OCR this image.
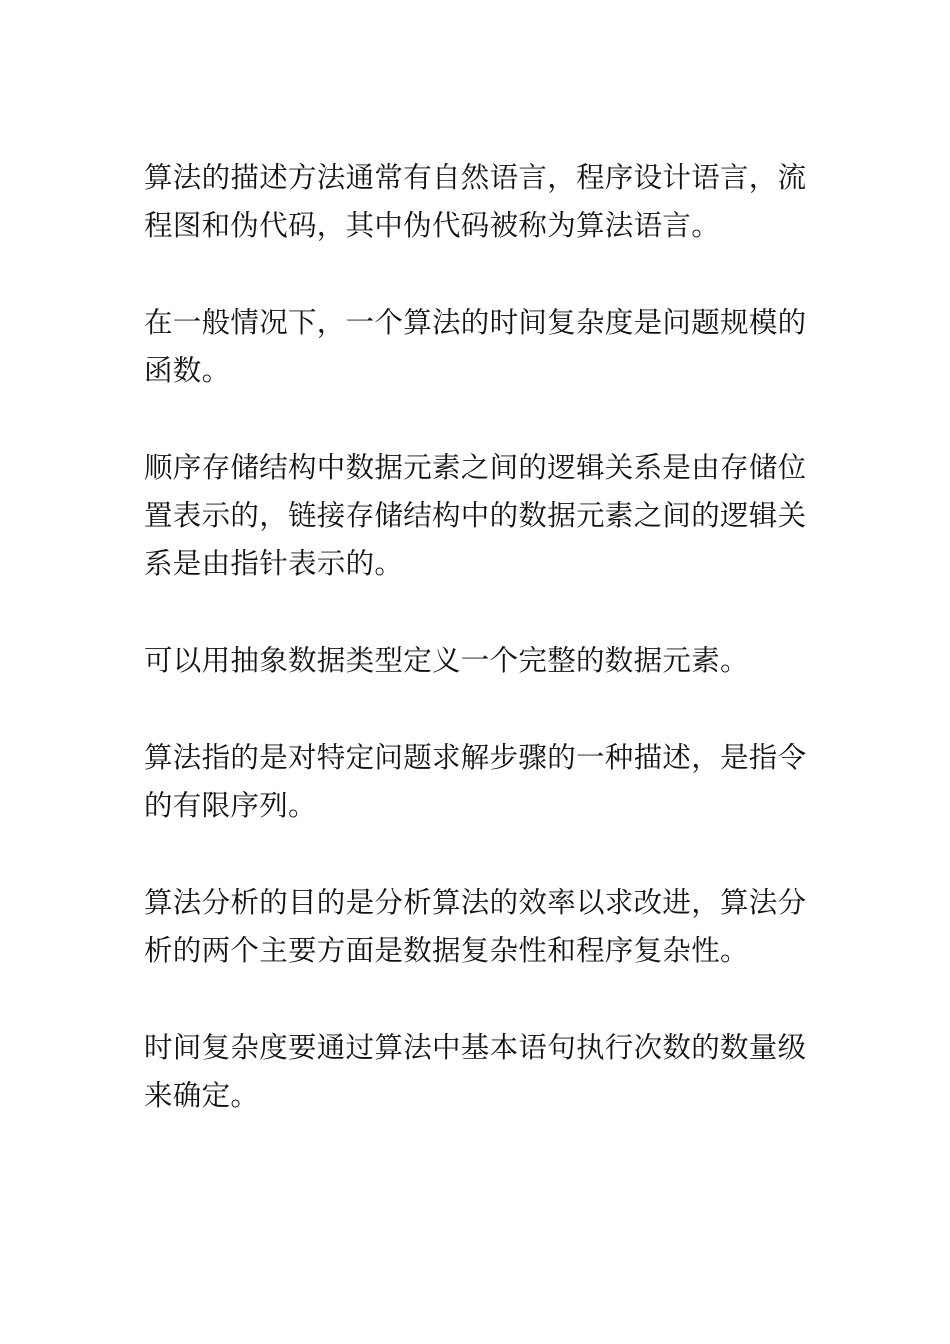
算法的描述方法通常有自然语言，程序设计语言，流程图和伪代码，其中伪代码被称为算法语言。

在一般情况下，一个算法的时间复杂度是问题规模的函数。

顺序存储结构中数据元素之间的逻辑关系是由存储位置表示的，链接存储结构中的数据元素之间的逻辑关系是由指针表示的。

可以用抽象数据类型定义一个完整的数据元素。

算法指的是对特定问题求解步骤的一种描述，是指令的有限序列。

算法分析的目的是分析算法的效率以求改进，算法分析的两个主要方面是数据复杂性和程序复杂性。

时间复杂度要通过算法中基本语句执行次数的数量级来确定。
